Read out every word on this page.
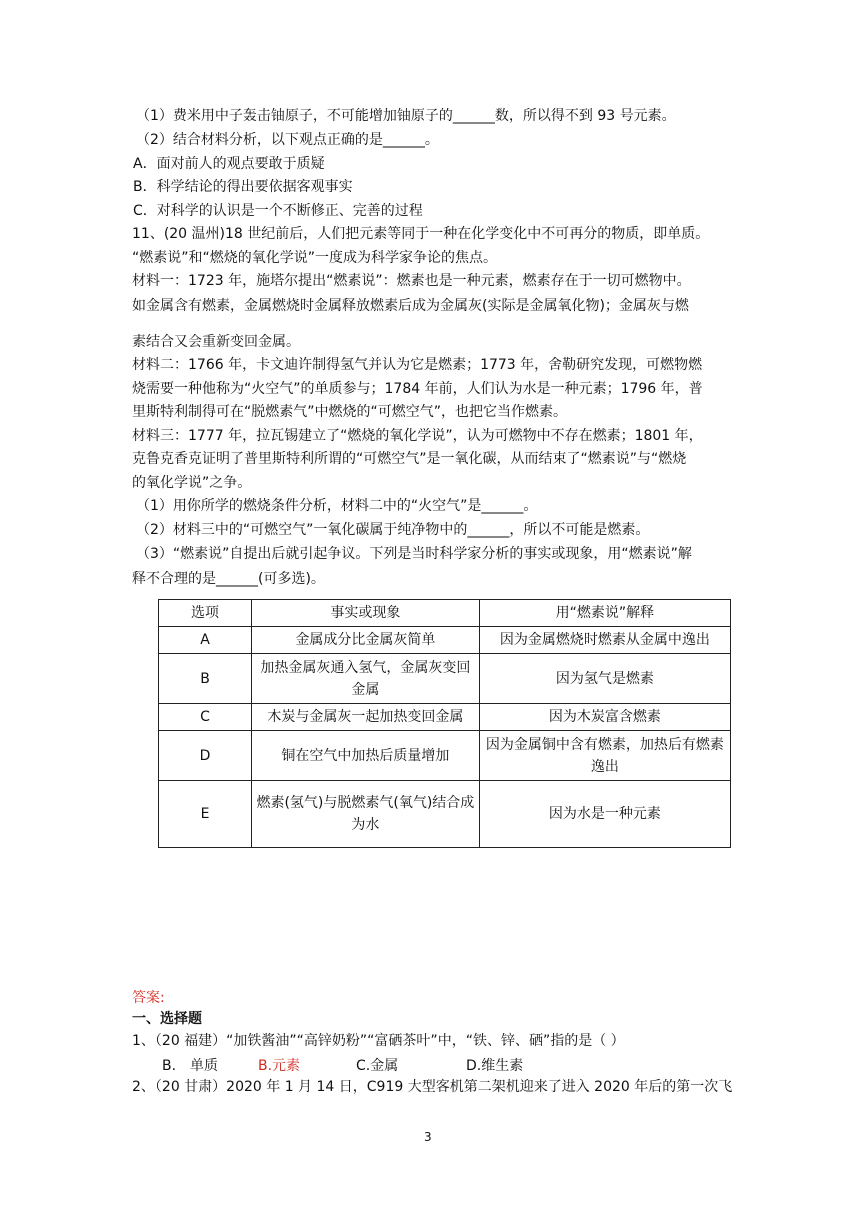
（1）费米用中子轰击铀原子，不可能增加铀原子的______数，所以得不到 93 号元素。
（2）结合材料分析，以下观点正确的是______。
A．面对前人的观点要敢于质疑
B．科学结论的得出要依据客观事实
C．对科学的认识是一个不断修正、完善的过程
11、(20 温州)18 世纪前后，人们把元素等同于一种在化学变化中不可再分的物质，即单质。
“燃素说”和“燃烧的氧化学说”一度成为科学家争论的焦点。
材料一：1723 年，施塔尔提出“燃素说”：燃素也是一种元素，燃素存在于一切可燃物中。
如金属含有燃素，金属燃烧时金属释放燃素后成为金属灰(实际是金属氧化物)；金属灰与燃
素结合又会重新变回金属。
材料二：1766 年，卡文迪许制得氢气并认为它是燃素；1773 年，舍勒研究发现，可燃物燃
烧需要一种他称为“火空气”的单质参与；1784 年前，人们认为水是一种元素；1796 年，普
里斯特利制得可在“脱燃素气”中燃烧的“可燃空气”，也把它当作燃素。
材料三：1777 年，拉瓦锡建立了“燃烧的氧化学说”，认为可燃物中不存在燃素；1801 年，
克鲁克香克证明了普里斯特利所谓的“可燃空气”是一氧化碳，从而结束了“燃素说”与“燃烧
的氧化学说”之争。
（1）用你所学的燃烧条件分析，材料二中的“火空气”是______。
（2）材料三中的“可燃空气”一氧化碳属于纯净物中的______，所以不可能是燃素。
（3）“燃素说”自提出后就引起争议。下列是当时科学家分析的事实或现象，用“燃素说”解
释不合理的是______(可多选)。
选项	事实或现象	用“燃素说”解释
A	金属成分比金属灰简单	因为金属燃烧时燃素从金属中逸出
B	加热金属灰通入氢气，金属灰变回金属	因为氢气是燃素
C	木炭与金属灰一起加热变回金属	因为木炭富含燃素
D	铜在空气中加热后质量增加	因为金属铜中含有燃素，加热后有燃素逸出
E	燃素(氢气)与脱燃素气(氧气)结合成为水	因为水是一种元素
答案:
一、选择题
1、（20 福建）“加铁酱油”“高锌奶粉”“富硒茶叶”中，“铁、锌、硒”指的是（ ）
B.　单质	B.元素	C.金属	D.维生素
2、（20 甘肃）2020 年 1 月 14 日，C919 大型客机第二架机迎来了进入 2020 年后的第一次飞
3
